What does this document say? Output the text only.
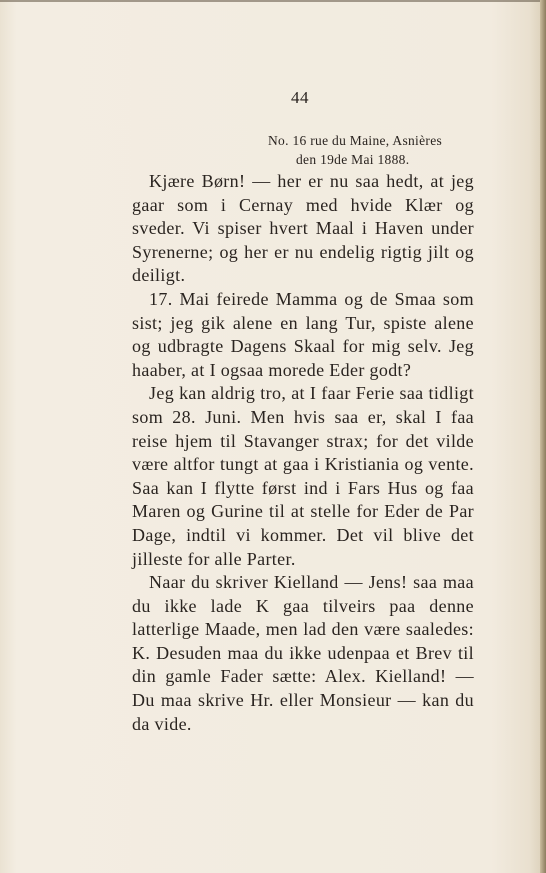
44
No. 16 rue du Maine, Asnières
den 19de Mai 1888.

Kjære Børn! — her er nu saa hedt, at jeg gaar som i Cernay med hvide Klær og sveder. Vi spiser hvert Maal i Haven under Syrenerne; og her er nu endelig rigtig jilt og deiligt.

17. Mai feirede Mamma og de Smaa som sist; jeg gik alene en lang Tur, spiste alene og udbragte Dagens Skaal for mig selv. Jeg haaber, at I ogsaa morede Eder godt?

Jeg kan aldrig tro, at I faar Ferie saa tidligt som 28. Juni. Men hvis saa er, skal I faa reise hjem til Stavanger strax; for det vilde være altfor tungt at gaa i Kristiania og vente. Saa kan I flytte først ind i Fars Hus og faa Maren og Gurine til at stelle for Eder de Par Dage, indtil vi kommer. Det vil blive det jilleste for alle Parter.

Naar du skriver Kielland — Jens! saa maa du ikke lade K gaa tilveirs paa denne latterlige Maade, men lad den være saaledes: K. Desuden maa du ikke udenpaa et Brev til din gamle Fader sætte: Alex. Kielland! — Du maa skrive Hr. eller Monsieur — kan du da vide.
